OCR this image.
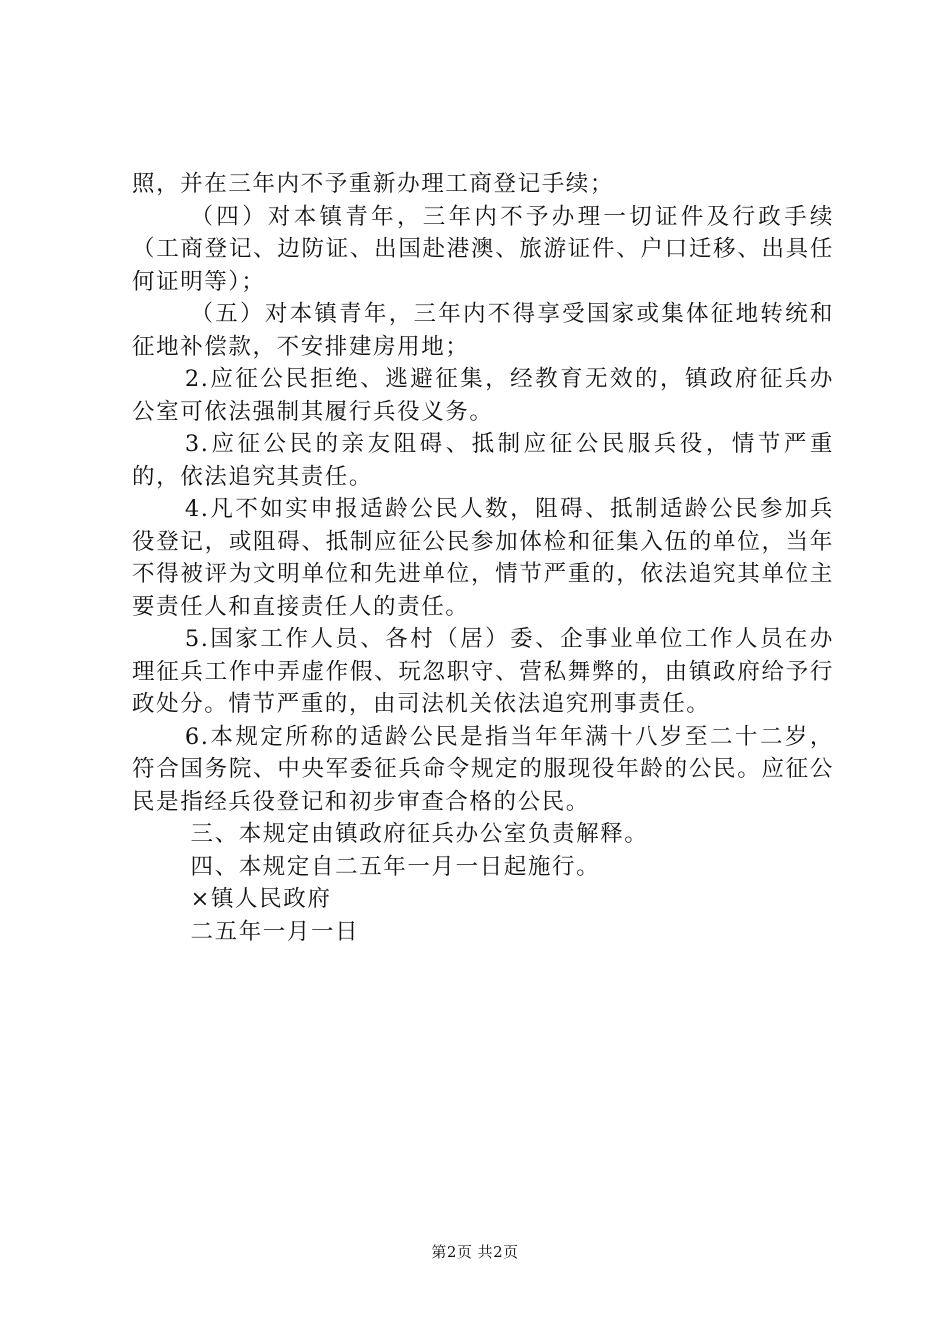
照，并在三年内不予重新办理工商登记手续；

（四）对本镇青年，三年内不予办理一切证件及行政手续（工商登记、边防证、出国赴港澳、旅游证件、户口迁移、出具任何证明等）；

（五）对本镇青年，三年内不得享受国家或集体征地转统和征地补偿款，不安排建房用地；

2.应征公民拒绝、逃避征集，经教育无效的，镇政府征兵办公室可依法强制其履行兵役义务。

3.应征公民的亲友阻碍、抵制应征公民服兵役，情节严重的，依法追究其责任。

4.凡不如实申报适龄公民人数，阻碍、抵制适龄公民参加兵役登记，或阻碍、抵制应征公民参加体检和征集入伍的单位，当年不得被评为文明单位和先进单位，情节严重的，依法追究其单位主要责任人和直接责任人的责任。

5.国家工作人员、各村（居）委、企事业单位工作人员在办理征兵工作中弄虚作假、玩忽职守、营私舞弊的，由镇政府给予行政处分。情节严重的，由司法机关依法追究刑事责任。

6.本规定所称的适龄公民是指当年年满十八岁至二十二岁，符合国务院、中央军委征兵命令规定的服现役年龄的公民。应征公民是指经兵役登记和初步审查合格的公民。

三、本规定由镇政府征兵办公室负责解释。

四、本规定自二五年一月一日起施行。

×镇人民政府

二五年一月一日

第2页 共2页
